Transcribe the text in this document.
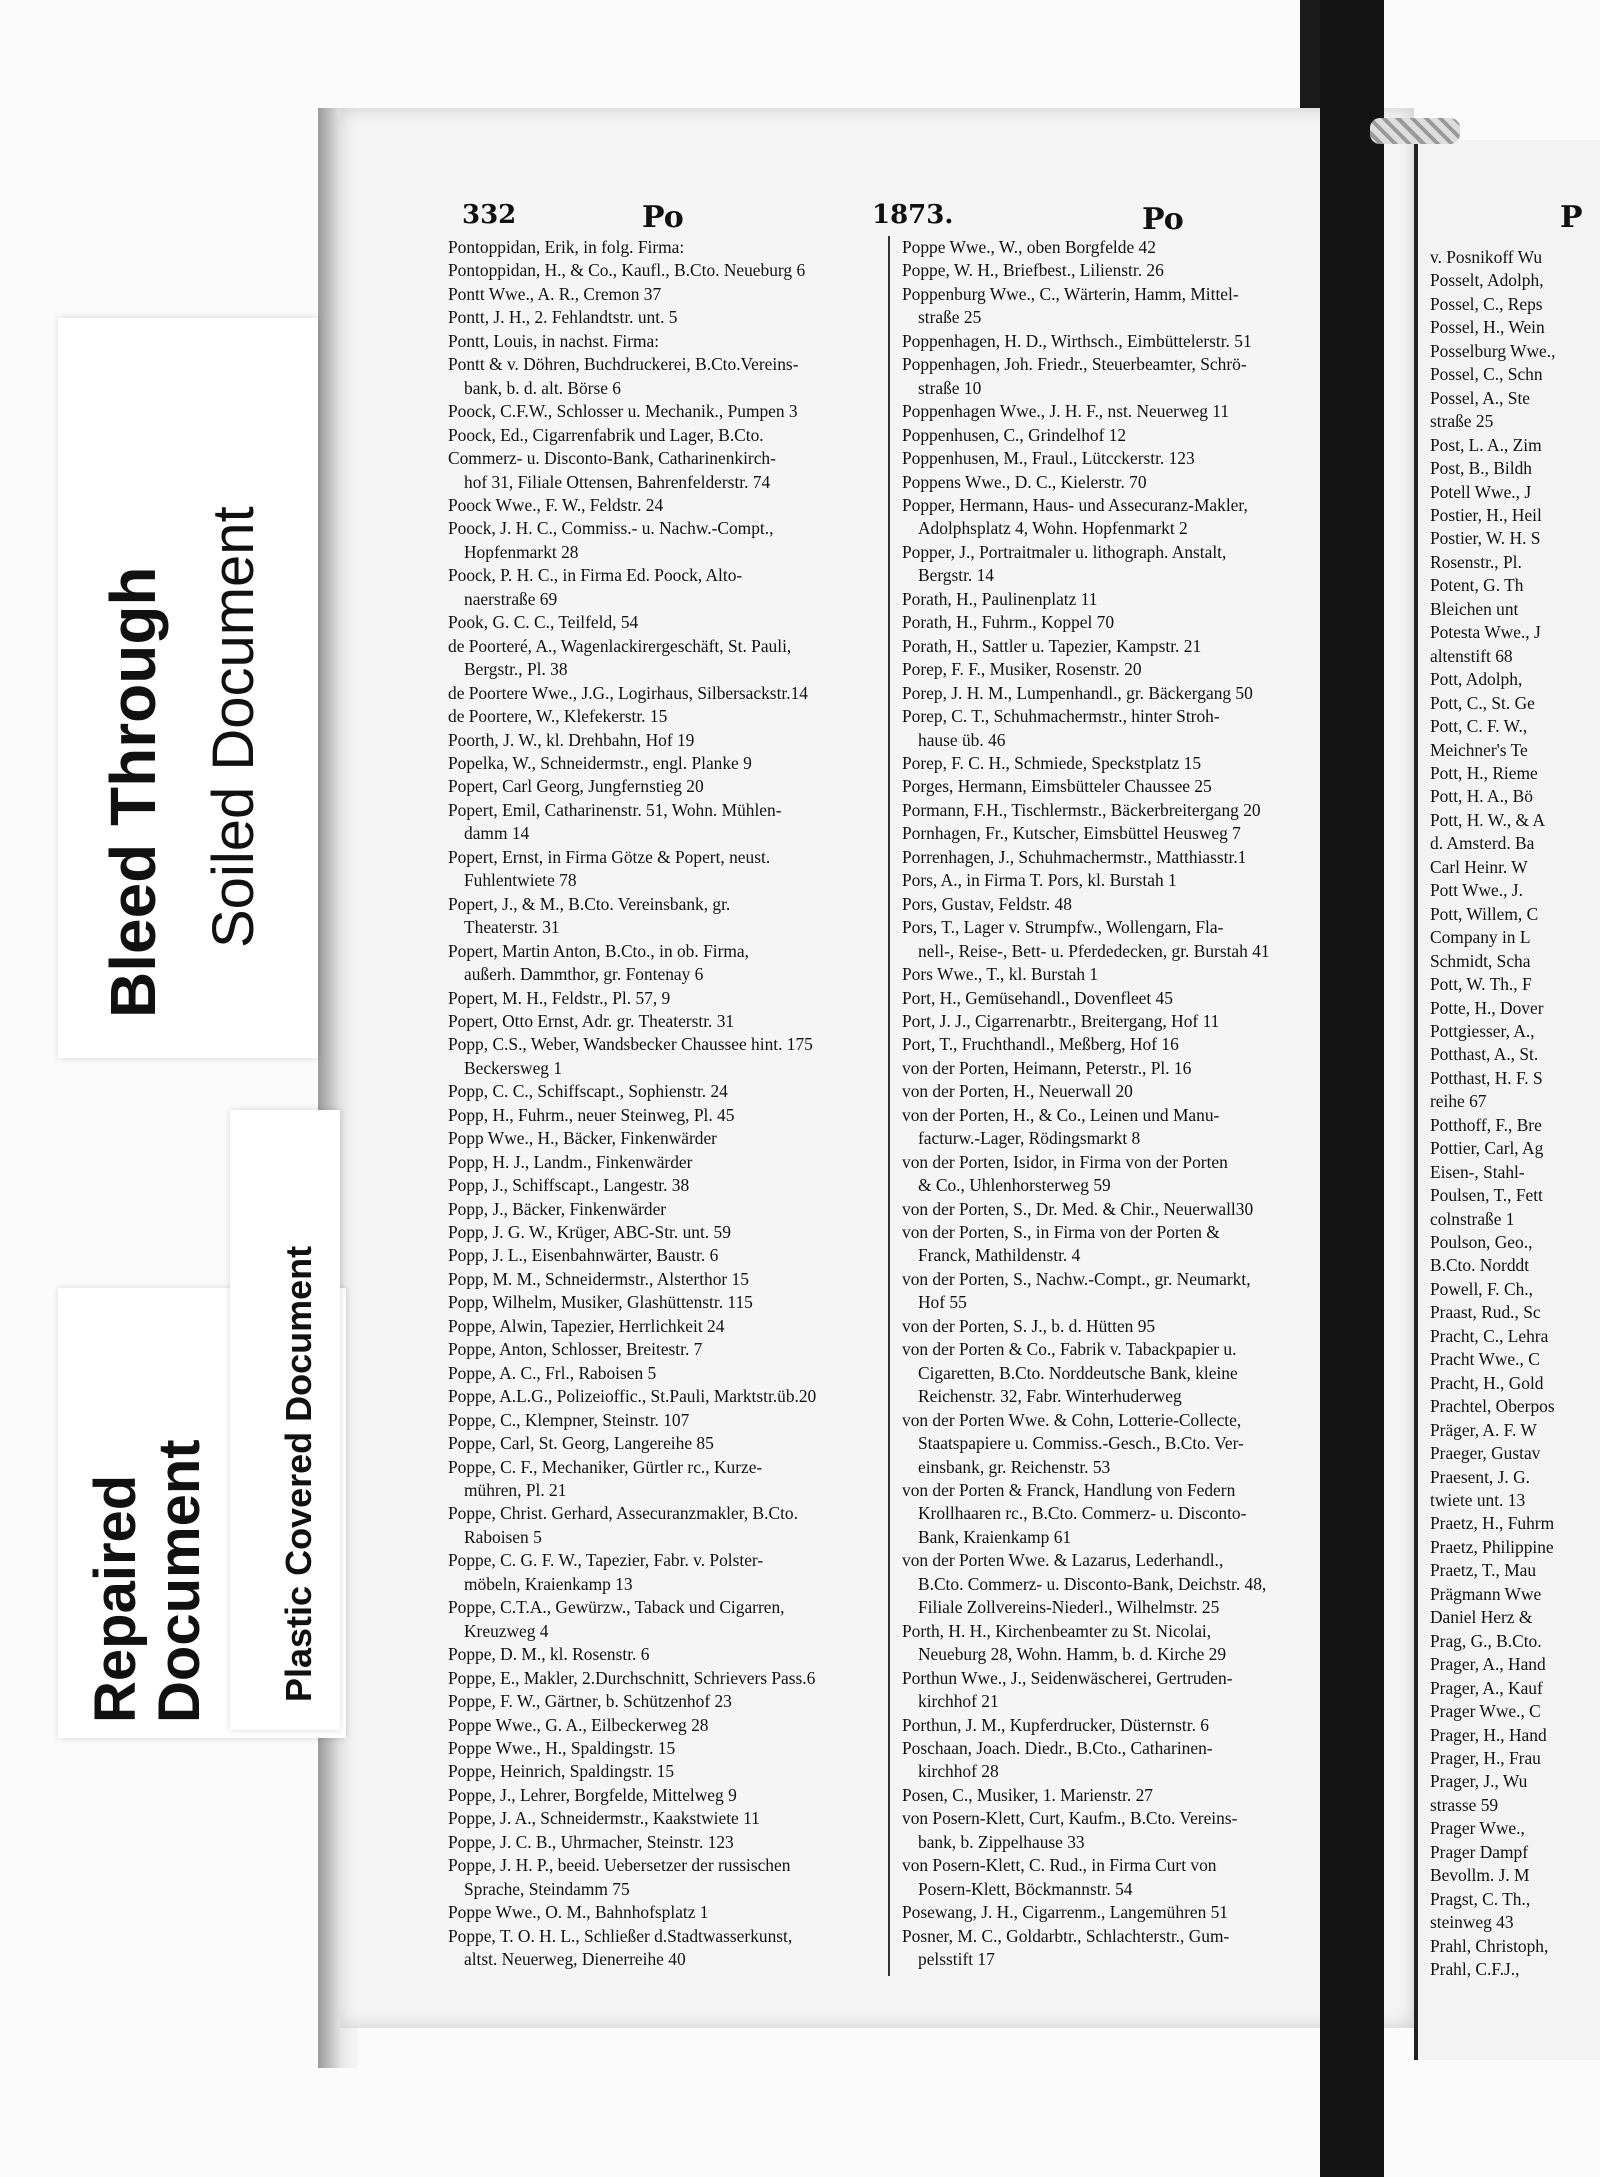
332	Po	1873.	Po
Pontoppidan, Erik, in folg. Firma:
Pontoppidan, H., & Co., Kaufl., B.Cto. Neueburg 6
Pontt Wwe., A. R., Cremon 37
Pontt, J. H., 2. Fehlandtstr. unt. 5
Pontt, Louis, in nachst. Firma:
Pontt & v. Döhren, Buchdruckerei, B.Cto.Vereins-
bank, b. d. alt. Börse 6
Poock, C.F.W., Schlosser u. Mechanik., Pumpen 3
Poock, Ed., Cigarrenfabrik und Lager, B.Cto.
Commerz- u. Disconto-Bank, Catharinenkirch-
hof 31, Filiale Ottensen, Bahrenfelderstr. 74
Poock Wwe., F. W., Feldstr. 24
Poock, J. H. C., Commiss.- u. Nachw.-Compt.,
Hopfenmarkt 28
Poock, P. H. C., in Firma Ed. Poock, Alto-
naerstraße 69
Pook, G. C. C., Teilfeld, 54
de Poorteré, A., Wagenlackirergeschäft, St. Pauli,
Bergstr., Pl. 38
de Poortere Wwe., J.G., Logirhaus, Silbersackstr.14
de Poortere, W., Klefekerstr. 15
Poorth, J. W., kl. Drehbahn, Hof 19
Popelka, W., Schneidermstr., engl. Planke 9
Popert, Carl Georg, Jungfernstieg 20
Popert, Emil, Catharinenstr. 51, Wohn. Mühlen-
damm 14
Popert, Ernst, in Firma Götze & Popert, neust.
Fuhlentwiete 78
Popert, J., & M., B.Cto. Vereinsbank, gr.
Theaterstr. 31
Popert, Martin Anton, B.Cto., in ob. Firma,
außerh. Dammthor, gr. Fontenay 6
Popert, M. H., Feldstr., Pl. 57, 9
Popert, Otto Ernst, Adr. gr. Theaterstr. 31
Popp, C.S., Weber, Wandsbecker Chaussee hint. 175
Beckersweg 1
Popp, C. C., Schiffscapt., Sophienstr. 24
Popp, H., Fuhrm., neuer Steinweg, Pl. 45
Popp Wwe., H., Bäcker, Finkenwärder
Popp, H. J., Landm., Finkenwärder
Popp, J., Schiffscapt., Langestr. 38
Popp, J., Bäcker, Finkenwärder
Popp, J. G. W., Krüger, ABC-Str. unt. 59
Popp, J. L., Eisenbahnwärter, Baustr. 6
Popp, M. M., Schneidermstr., Alsterthor 15
Popp, Wilhelm, Musiker, Glashüttenstr. 115
Poppe, Alwin, Tapezier, Herrlichkeit 24
Poppe, Anton, Schlosser, Breitestr. 7
Poppe, A. C., Frl., Raboisen 5
Poppe, A.L.G., Polizeioffic., St.Pauli, Marktstr.üb.20
Poppe, C., Klempner, Steinstr. 107
Poppe, Carl, St. Georg, Langereihe 85
Poppe, C. F., Mechaniker, Gürtler rc., Kurze-
mühren, Pl. 21
Poppe, Christ. Gerhard, Assecuranzmakler, B.Cto.
Raboisen 5
Poppe, C. G. F. W., Tapezier, Fabr. v. Polster-
möbeln, Kraienkamp 13
Poppe, C.T.A., Gewürzw., Taback und Cigarren,
Kreuzweg 4
Poppe, D. M., kl. Rosenstr. 6
Poppe, E., Makler, 2.Durchschnitt, Schrievers Pass.6
Poppe, F. W., Gärtner, b. Schützenhof 23
Poppe Wwe., G. A., Eilbeckerweg 28
Poppe Wwe., H., Spaldingstr. 15
Poppe, Heinrich, Spaldingstr. 15
Poppe, J., Lehrer, Borgfelde, Mittelweg 9
Poppe, J. A., Schneidermstr., Kaakstwiete 11
Poppe, J. C. B., Uhrmacher, Steinstr. 123
Poppe, J. H. P., beeid. Uebersetzer der russischen
Sprache, Steindamm 75
Poppe Wwe., O. M., Bahnhofsplatz 1
Poppe, T. O. H. L., Schließer d.Stadtwasserkunst,
altst. Neuerweg, Dienerreihe 40
Poppe Wwe., W., oben Borgfelde 42
Poppe, W. H., Briefbest., Lilienstr. 26
Poppenburg Wwe., C., Wärterin, Hamm, Mittel-
straße 25
Poppenhagen, H. D., Wirthsch., Eimbüttelerstr. 51
Poppenhagen, Joh. Friedr., Steuerbeamter, Schrö-
straße 10
Poppenhagen Wwe., J. H. F., nst. Neuerweg 11
Poppenhusen, C., Grindelhof 12
Poppenhusen, M., Fraul., Lütcckerstr. 123
Poppens Wwe., D. C., Kielerstr. 70
Popper, Hermann, Haus- und Assecuranz-Makler,
Adolphsplatz 4, Wohn. Hopfenmarkt 2
Popper, J., Portraitmaler u. lithograph. Anstalt,
Bergstr. 14
Porath, H., Paulinenplatz 11
Porath, H., Fuhrm., Koppel 70
Porath, H., Sattler u. Tapezier, Kampstr. 21
Porep, F. F., Musiker, Rosenstr. 20
Porep, J. H. M., Lumpenhandl., gr. Bäckergang 50
Porep, C. T., Schuhmachermstr., hinter Stroh-
hause üb. 46
Porep, F. C. H., Schmiede, Speckstplatz 15
Porges, Hermann, Eimsbütteler Chaussee 25
Pormann, F.H., Tischlermstr., Bäckerbreitergang 20
Pornhagen, Fr., Kutscher, Eimsbüttel Heusweg 7
Porrenhagen, J., Schuhmachermstr., Matthiasstr.1
Pors, A., in Firma T. Pors, kl. Burstah 1
Pors, Gustav, Feldstr. 48
Pors, T., Lager v. Strumpfw., Wollengarn, Fla-
nell-, Reise-, Bett- u. Pferdedecken, gr. Burstah 41
Pors Wwe., T., kl. Burstah 1
Port, H., Gemüsehandl., Dovenfleet 45
Port, J. J., Cigarrenarbtr., Breitergang, Hof 11
Port, T., Fruchthandl., Meßberg, Hof 16
von der Porten, Heimann, Peterstr., Pl. 16
von der Porten, H., Neuerwall 20
von der Porten, H., & Co., Leinen und Manu-
facturw.-Lager, Rödingsmarkt 8
von der Porten, Isidor, in Firma von der Porten
& Co., Uhlenhorsterweg 59
von der Porten, S., Dr. Med. & Chir., Neuerwall30
von der Porten, S., in Firma von der Porten &
Franck, Mathildenstr. 4
von der Porten, S., Nachw.-Compt., gr. Neumarkt,
Hof 55
von der Porten, S. J., b. d. Hütten 95
von der Porten & Co., Fabrik v. Tabackpapier u.
Cigaretten, B.Cto. Norddeutsche Bank, kleine
Reichenstr. 32, Fabr. Winterhuderweg
von der Porten Wwe. & Cohn, Lotterie-Collecte,
Staatspapiere u. Commiss.-Gesch., B.Cto. Ver-
einsbank, gr. Reichenstr. 53
von der Porten & Franck, Handlung von Federn
Krollhaaren rc., B.Cto. Commerz- u. Disconto-
Bank, Kraienkamp 61
von der Porten Wwe. & Lazarus, Lederhandl.,
B.Cto. Commerz- u. Disconto-Bank, Deichstr. 48,
Filiale Zollvereins-Niederl., Wilhelmstr. 25
Porth, H. H., Kirchenbeamter zu St. Nicolai,
Neueburg 28, Wohn. Hamm, b. d. Kirche 29
Porthun Wwe., J., Seidenwäscherei, Gertruden-
kirchhof 21
Porthun, J. M., Kupferdrucker, Düsternstr. 6
Poschaan, Joach. Diedr., B.Cto., Catharinen-
kirchhof 28
Posen, C., Musiker, 1. Marienstr. 27
von Posern-Klett, Curt, Kaufm., B.Cto. Vereins-
bank, b. Zippelhause 33
von Posern-Klett, C. Rud., in Firma Curt von
Posern-Klett, Böckmannstr. 54
Posewang, J. H., Cigarrenm., Langemühren 51
Posner, M. C., Goldarbtr., Schlachterstr., Gum-
pelsstift 17
P
v. Posnikoff Wu
Posselt, Adolph,
Possel, C., Reps
Possel, H., Wein
Posselburg Wwe.,
Possel, C., Schn
Possel, A., Ste
straße 25
Post, L. A., Zim
Post, B., Bildh
Potell Wwe., J
Postier, H., Heil
Postier, W. H. S
Rosenstr., Pl.
Potent, G. Th
Bleichen unt
Potesta Wwe., J
altenstift 68
Pott, Adolph,
Pott, C., St. Ge
Pott, C. F. W.,
Meichner's Te
Pott, H., Rieme
Pott, H. A., Bö
Pott, H. W., & A
d. Amsterd. Ba
Carl Heinr. W
Pott Wwe., J.
Pott, Willem, C
Company in L
Schmidt, Scha
Pott, W. Th., F
Potte, H., Dover
Pottgiesser, A.,
Potthast, A., St.
Potthast, H. F. S
reihe 67
Potthoff, F., Bre
Pottier, Carl, Ag
Eisen-, Stahl-
Poulsen, T., Fett
colnstraße 1
Poulson, Geo.,
B.Cto. Norddt
Powell, F. Ch.,
Praast, Rud., Sc
Pracht, C., Lehra
Pracht Wwe., C
Pracht, H., Gold
Prachtel, Oberpos
Präger, A. F. W
Praeger, Gustav
Praesent, J. G.
twiete unt. 13
Praetz, H., Fuhrm
Praetz, Philippine
Praetz, T., Mau
Prägmann Wwe
Daniel Herz &
Prag, G., B.Cto.
Prager, A., Hand
Prager, A., Kauf
Prager Wwe., C
Prager, H., Hand
Prager, H., Frau
Prager, J., Wu
strasse 59
Prager Wwe.,
Prager Dampf
Bevollm. J. M
Pragst, C. Th.,
steinweg 43
Prahl, Christoph,
Prahl, C.F.J.,
Bleed Through Soiled Document
Repaired Document Plastic Covered Document
